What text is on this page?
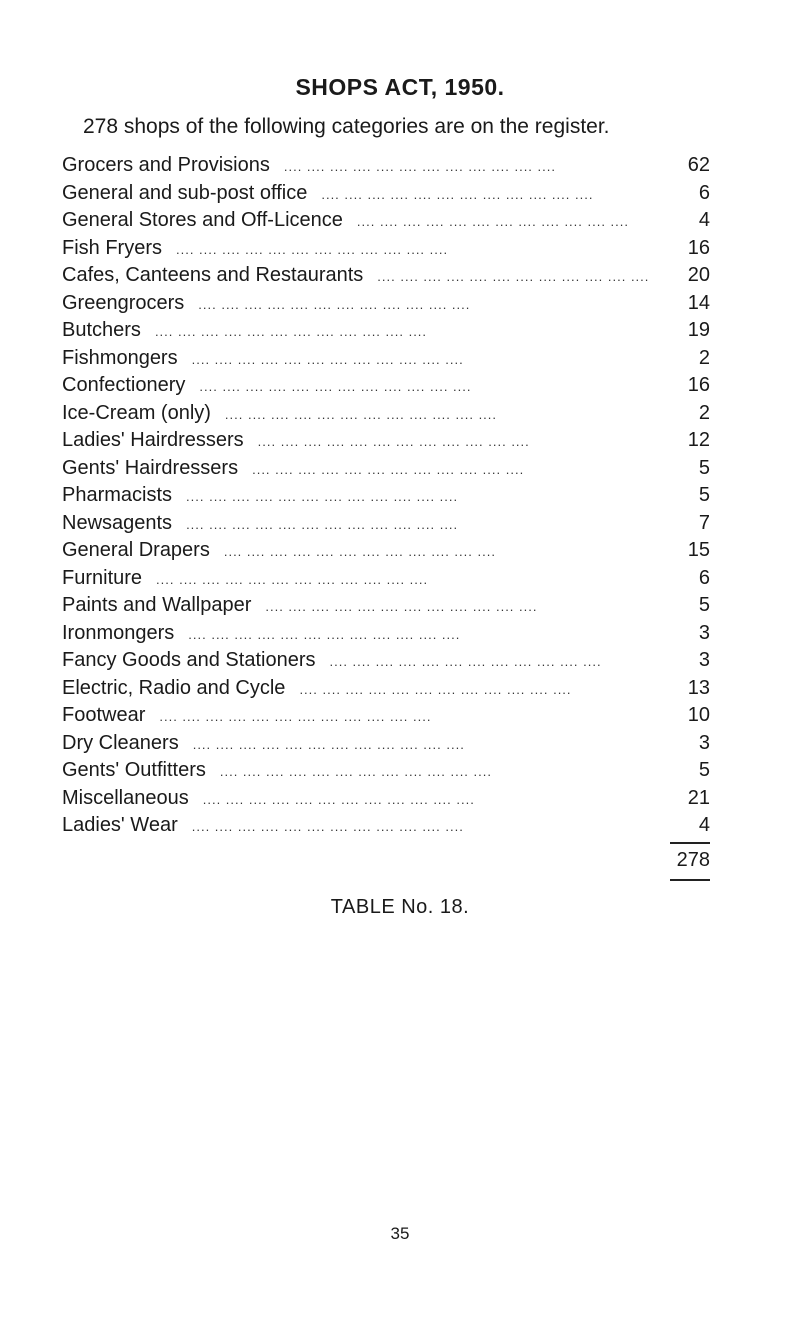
SHOPS ACT, 1950.
278 shops of the following categories are on the register.
Grocers and Provisions	.... .... .... .... .... .... .... .... .... .... .... ....	62
General and sub-post office	.... .... .... .... .... .... .... .... .... .... .... ....	6
General Stores and Off-Licence	.... .... .... .... .... .... .... .... .... .... .... ....	4
Fish Fryers	.... .... .... .... .... .... .... .... .... .... .... ....	16
Cafes, Canteens and Restaurants	.... .... .... .... .... .... .... .... .... .... .... ....	20
Greengrocers	.... .... .... .... .... .... .... .... .... .... .... ....	14
Butchers	.... .... .... .... .... .... .... .... .... .... .... ....	19
Fishmongers	.... .... .... .... .... .... .... .... .... .... .... ....	2
Confectionery	.... .... .... .... .... .... .... .... .... .... .... ....	16
Ice-Cream (only)	.... .... .... .... .... .... .... .... .... .... .... ....	2
Ladies' Hairdressers	.... .... .... .... .... .... .... .... .... .... .... ....	12
Gents' Hairdressers	.... .... .... .... .... .... .... .... .... .... .... ....	5
Pharmacists	.... .... .... .... .... .... .... .... .... .... .... ....	5
Newsagents	.... .... .... .... .... .... .... .... .... .... .... ....	7
General Drapers	.... .... .... .... .... .... .... .... .... .... .... ....	15
Furniture	.... .... .... .... .... .... .... .... .... .... .... ....	6
Paints and Wallpaper	.... .... .... .... .... .... .... .... .... .... .... ....	5
Ironmongers	.... .... .... .... .... .... .... .... .... .... .... ....	3
Fancy Goods and Stationers	.... .... .... .... .... .... .... .... .... .... .... ....	3
Electric, Radio and Cycle	.... .... .... .... .... .... .... .... .... .... .... ....	13
Footwear	.... .... .... .... .... .... .... .... .... .... .... ....	10
Dry Cleaners	.... .... .... .... .... .... .... .... .... .... .... ....	3
Gents' Outfitters	.... .... .... .... .... .... .... .... .... .... .... ....	5
Miscellaneous	.... .... .... .... .... .... .... .... .... .... .... ....	21
Ladies' Wear	.... .... .... .... .... .... .... .... .... .... .... ....	4
278
TABLE No. 18.
35
